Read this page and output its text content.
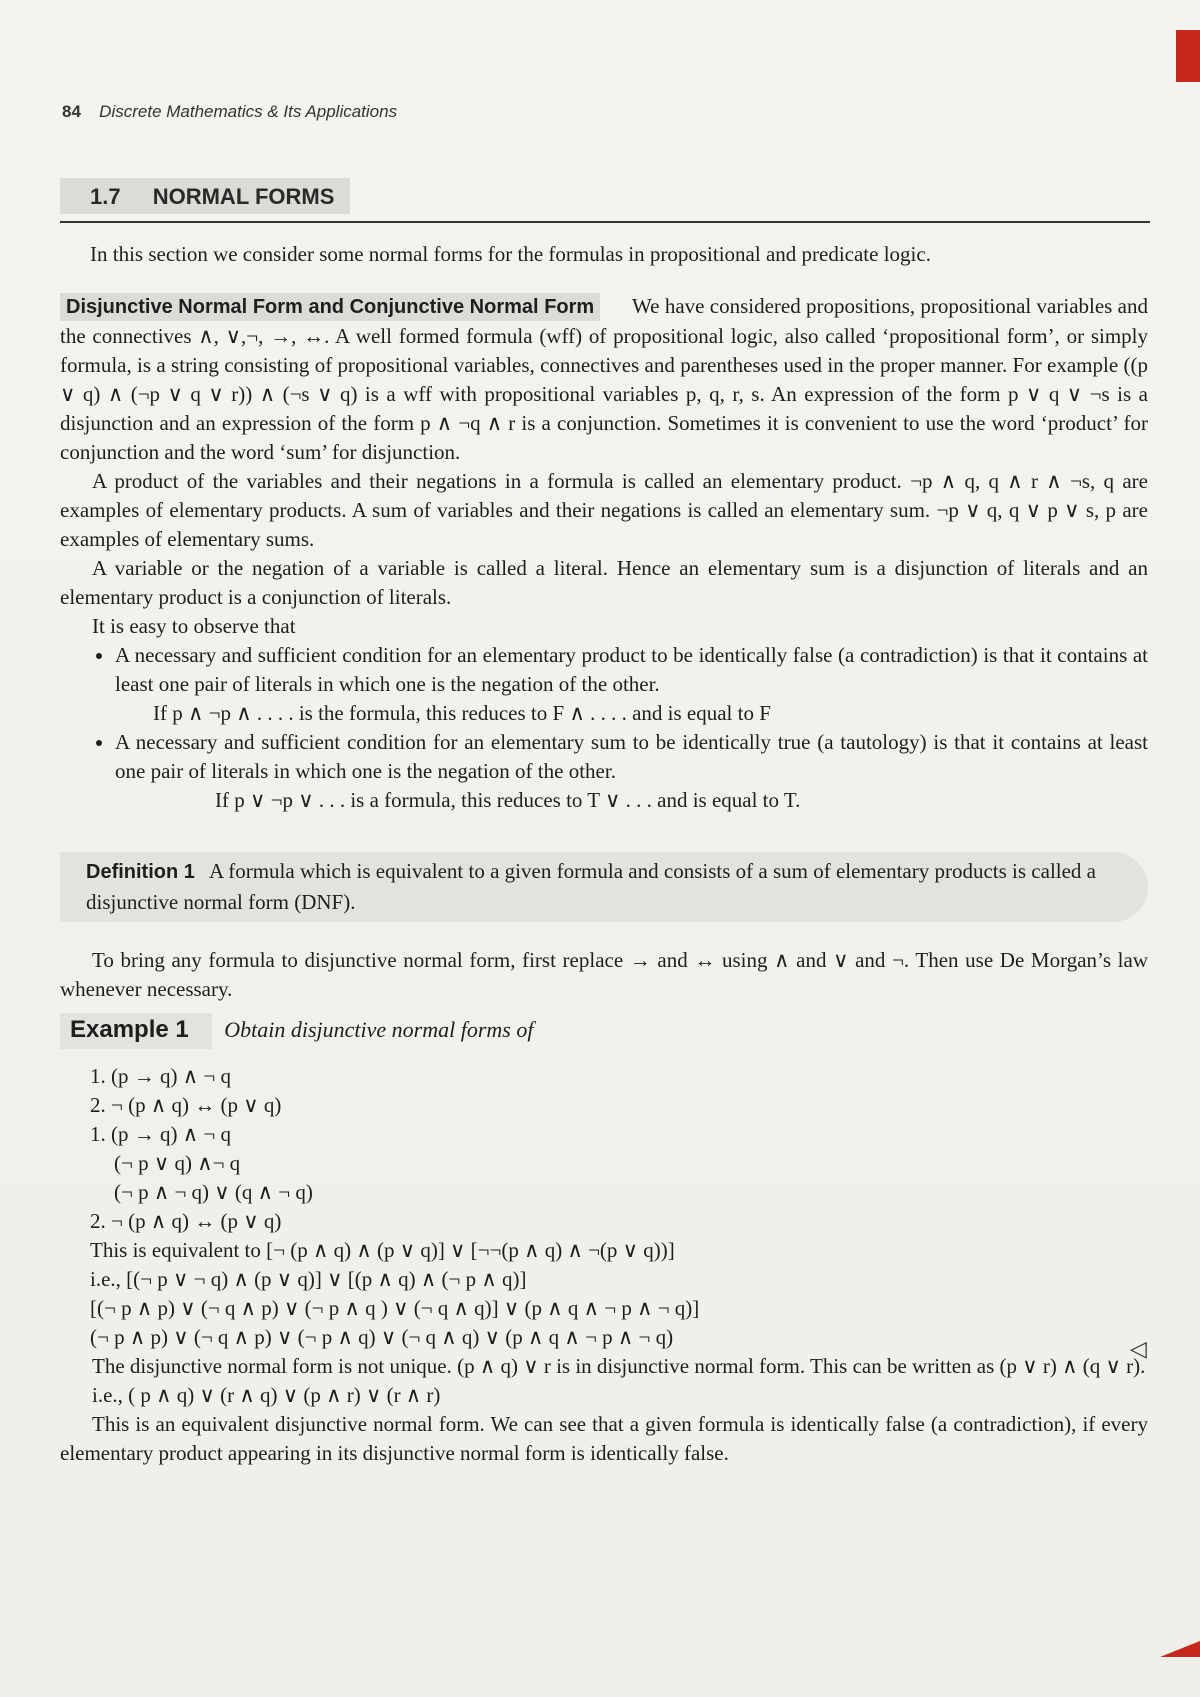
84 Discrete Mathematics & Its Applications
1.7 NORMAL FORMS

In this section we consider some normal forms for the formulas in propositional and predicate logic.

Disjunctive Normal Form and Conjunctive Normal Form We have considered propositions, propositional variables and the connectives ∧, ∨,¬, →, ↔. A well formed formula (wff) of propositional logic, also called ‘propositional form’, or simply formula, is a string consisting of propositional variables, connectives and parentheses used in the proper manner. For example ((p ∨ q) ∧ (¬p ∨ q ∨ r)) ∧ (¬s ∨ q) is a wff with propositional variables p, q, r, s. An expression of the form p ∨ q ∨ ¬s is a disjunction and an expression of the form p ∧ ¬q ∧ r is a conjunction. Sometimes it is convenient to use the word ‘product’ for conjunction and the word ‘sum’ for disjunction.

A product of the variables and their negations in a formula is called an elementary product. ¬p ∧ q, q ∧ r ∧ ¬s, q are examples of elementary products. A sum of variables and their negations is called an elementary sum. ¬p ∨ q, q ∨ p ∨ s, p are examples of elementary sums.

A variable or the negation of a variable is called a literal. Hence an elementary sum is a disjunction of literals and an elementary product is a conjunction of literals.

It is easy to observe that

• A necessary and sufficient condition for an elementary product to be identically false (a contradiction) is that it contains at least one pair of literals in which one is the negation of the other.
If p ∧ ¬p ∧ . . . . is the formula, this reduces to F ∧ . . . . and is equal to F
• A necessary and sufficient condition for an elementary sum to be identically true (a tautology) is that it contains at least one pair of literals in which one is the negation of the other.
If p ∨ ¬p ∨ . . . is a formula, this reduces to T ∨ . . . and is equal to T.
Definition 1 A formula which is equivalent to a given formula and consists of a sum of elementary products is called a disjunctive normal form (DNF).

To bring any formula to disjunctive normal form, first replace → and ↔ using ∧ and ∨ and ¬. Then use De Morgan’s law whenever necessary.

Example 1 Obtain disjunctive normal forms of
1. (p → q) ∧ ¬ q
2. ¬ (p ∧ q) ↔ (p ∨ q)
1. (p → q) ∧ ¬ q
(¬ p ∨ q) ∧¬ q
(¬ p ∧ ¬ q) ∨ (q ∧ ¬ q)
2. ¬ (p ∧ q) ↔ (p ∨ q)
This is equivalent to [¬ (p ∧ q) ∧ (p ∨ q)] ∨ [¬¬(p ∧ q) ∧ ¬(p ∨ q))]
i.e., [(¬ p ∨ ¬ q) ∧ (p ∨ q)] ∨ [(p ∧ q) ∧ (¬ p ∧ q)]
[(¬ p ∧ p) ∨ (¬ q ∧ p) ∨ (¬ p ∧ q ) ∨ (¬ q ∧ q)] ∨ (p ∧ q ∧ ¬ p ∧ ¬ q)]
(¬ p ∧ p) ∨ (¬ q ∧ p) ∨ (¬ p ∧ q) ∨ (¬ q ∧ q) ∨ (p ∧ q ∧ ¬ p ∧ ¬ q)	◁

The disjunctive normal form is not unique. (p ∧ q) ∨ r is in disjunctive normal form. This can be written as (p ∨ r) ∧ (q ∨ r).

i.e., ( p ∧ q) ∨ (r ∧ q) ∨ (p ∧ r) ∨ (r ∧ r)

This is an equivalent disjunctive normal form. We can see that a given formula is identically false (a contradiction), if every elementary product appearing in its disjunctive normal form is identically false.
